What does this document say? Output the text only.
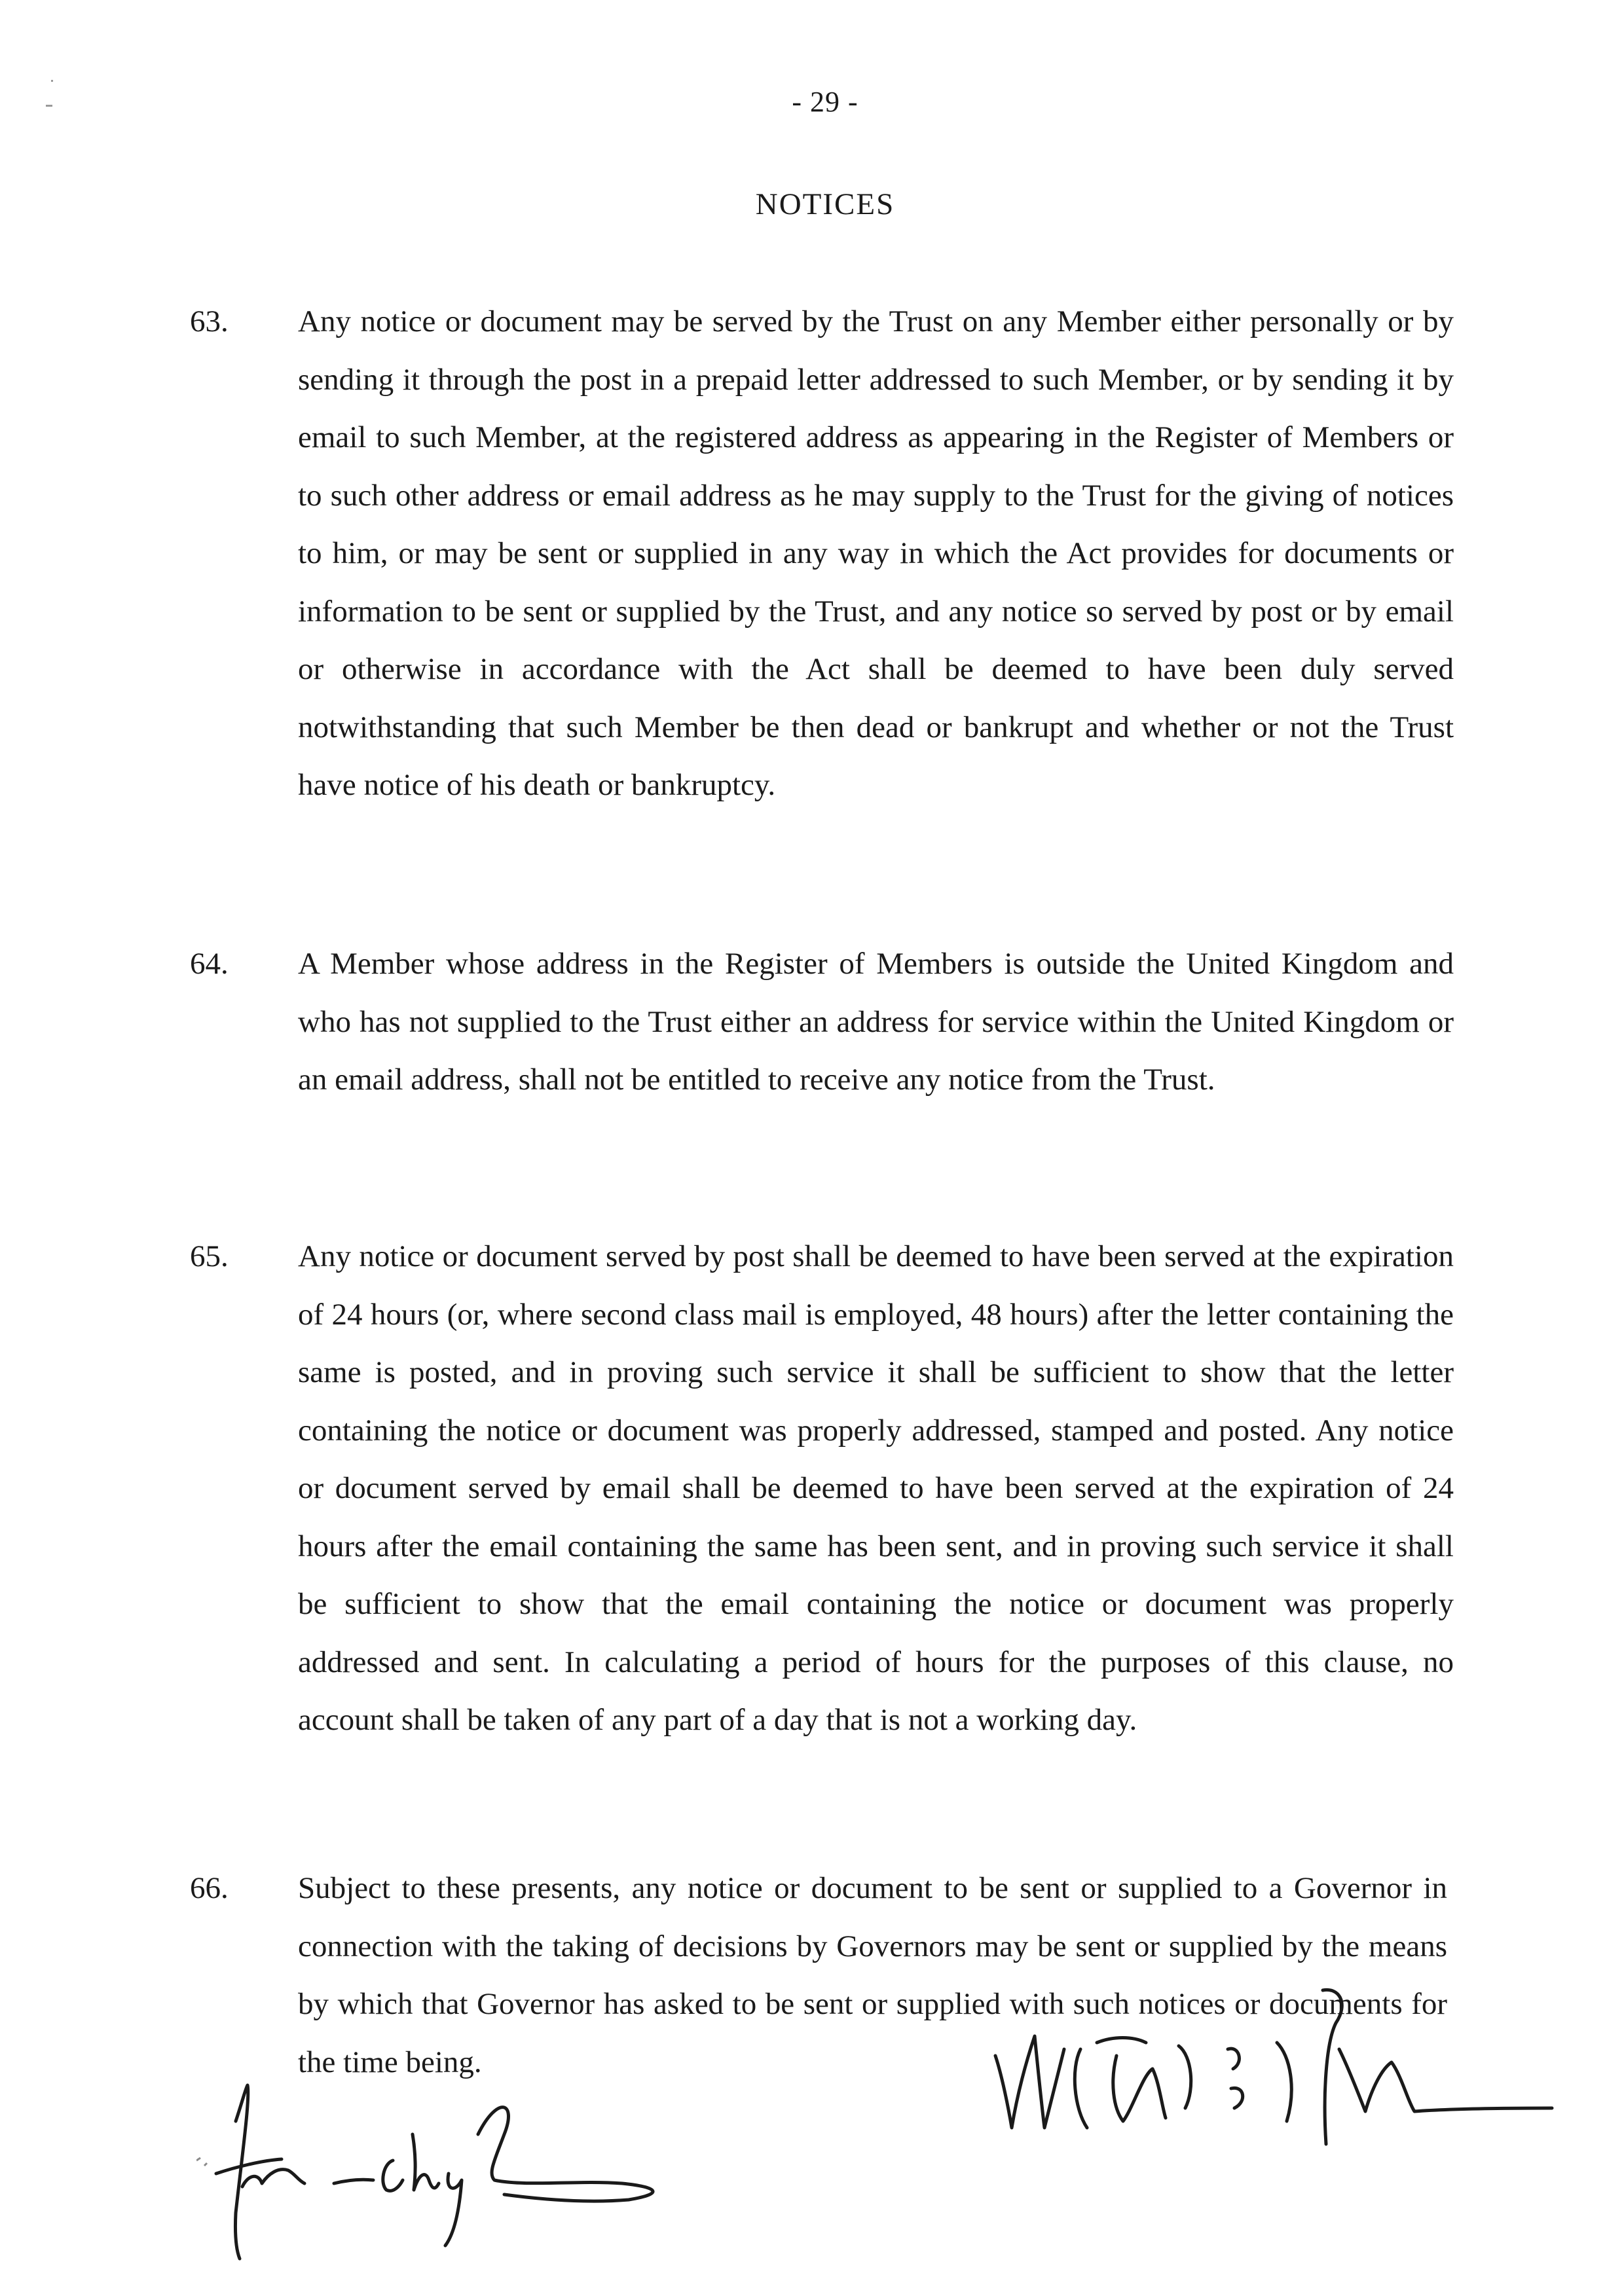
- 29 -
NOTICES
63. Any notice or document may be served by the Trust on any Member either personally or by sending it through the post in a prepaid letter addressed to such Member, or by sending it by email to such Member, at the registered address as appearing in the Register of Members or to such other address or email address as he may supply to the Trust for the giving of notices to him, or may be sent or supplied in any way in which the Act provides for documents or information to be sent or supplied by the Trust, and any notice so served by post or by email or otherwise in accordance with the Act shall be deemed to have been duly served notwithstanding that such Member be then dead or bankrupt and whether or not the Trust have notice of his death or bankruptcy.
64. A Member whose address in the Register of Members is outside the United Kingdom and who has not supplied to the Trust either an address for service within the United Kingdom or an email address, shall not be entitled to receive any notice from the Trust.
65. Any notice or document served by post shall be deemed to have been served at the expiration of 24 hours (or, where second class mail is employed, 48 hours) after the letter containing the same is posted, and in proving such service it shall be sufficient to show that the letter containing the notice or document was properly addressed, stamped and posted. Any notice or document served by email shall be deemed to have been served at the expiration of 24 hours after the email containing the same has been sent, and in proving such service it shall be sufficient to show that the email containing the notice or document was properly addressed and sent. In calculating a period of hours for the purposes of this clause, no account shall be taken of any part of a day that is not a working day.
66. Subject to these presents, any notice or document to be sent or supplied to a Governor in connection with the taking of decisions by Governors may be sent or supplied by the means by which that Governor has asked to be sent or supplied with such notices or documents for the time being.
